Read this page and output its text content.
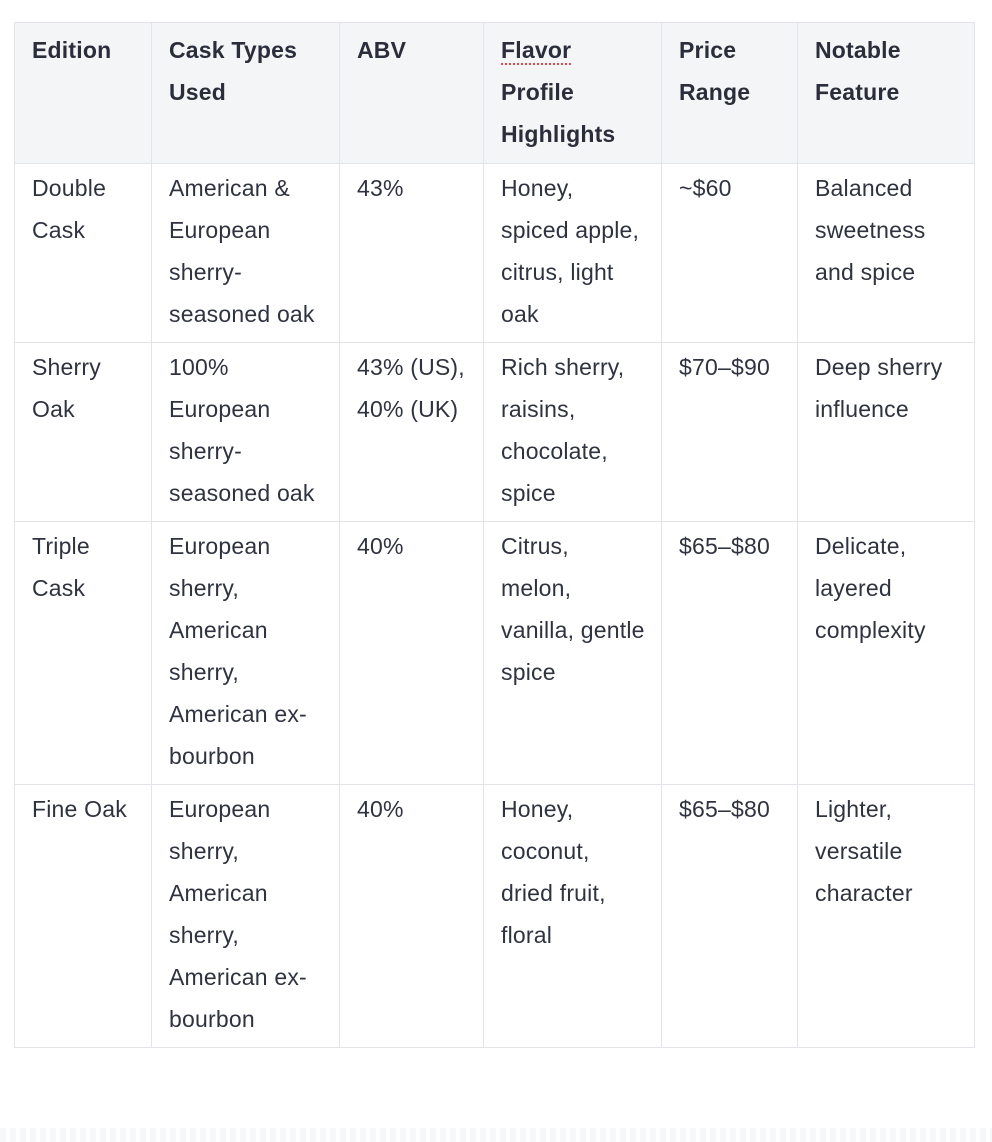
Edition	Cask Types Used	ABV	Flavor Profile Highlights	Price Range	Notable Feature
Double Cask	American & European sherry-seasoned oak	43%	Honey, spiced apple, citrus, light oak	~$60	Balanced sweetness and spice
Sherry Oak	100% European sherry-seasoned oak	43% (US), 40% (UK)	Rich sherry, raisins, chocolate, spice	$70–$90	Deep sherry influence
Triple Cask	European sherry, American sherry, American ex-bourbon	40%	Citrus, melon, vanilla, gentle spice	$65–$80	Delicate, layered complexity
Fine Oak	European sherry, American sherry, American ex-bourbon	40%	Honey, coconut, dried fruit, floral	$65–$80	Lighter, versatile character
